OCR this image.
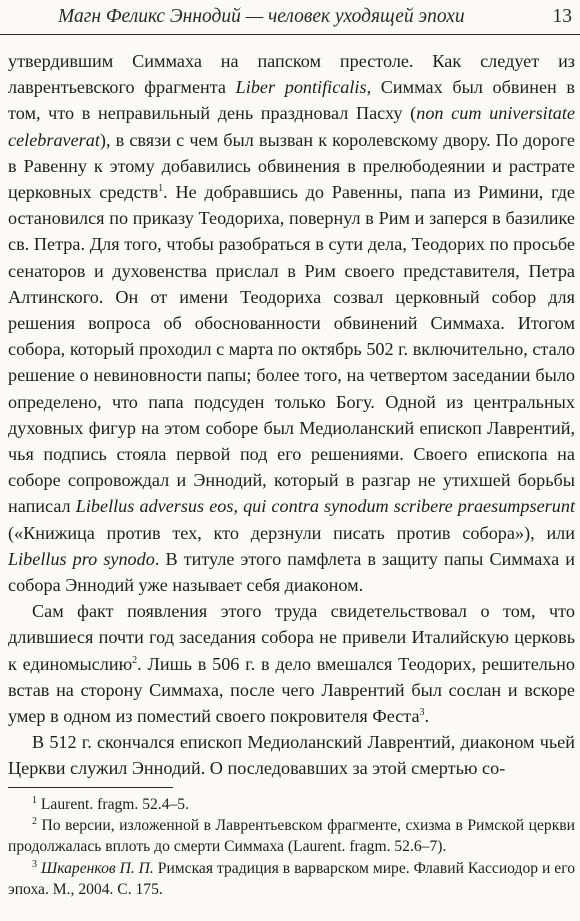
Магн Феликс Эннодий — человек уходящей эпохи	13

утвердившим Симмаха на папском престоле. Как следует из лаврентьевского фрагмента Liber pontificalis, Симмах был обвинен в том, что в неправильный день праздновал Пасху (non cum universitate celebraverat), в связи с чем был вызван к королевскому двору. По дороге в Равенну к этому добавились обвинения в прелюбодеянии и растрате церковных средств$^1$. Не добравшись до Равенны, папа из Римини, где остановился по приказу Теодориха, повернул в Рим и заперся в базилике св. Петра. Для того, чтобы разобраться в сути дела, Теодорих по просьбе сенаторов и духовенства прислал в Рим своего представителя, Петра Алтинского. Он от имени Теодориха созвал церковный собор для решения вопроса об обоснованности обвинений Симмаха. Итогом собора, который проходил с марта по октябрь 502 г. включительно, стало решение о невиновности папы; более того, на четвертом заседании было определено, что папа подсуден только Богу. Одной из центральных духовных фигур на этом соборе был Медиоланский епископ Лаврентий, чья подпись стояла первой под его решениями. Своего епископа на соборе сопровождал и Эннодий, который в разгар не утихшей борьбы написал Libellus adversus eos, qui contra synodum scribere praesumpserunt («Книжица против тех, кто дерзнули писать против собора»), или Libellus pro synodo. В титуле этого памфлета в защиту папы Симмаха и собора Эннодий уже называет себя диаконом.

Сам факт появления этого труда свидетельствовал о том, что длившиеся почти год заседания собора не привели Италийскую церковь к единомыслию$^2$. Лишь в 506 г. в дело вмешался Теодорих, решительно встав на сторону Симмаха, после чего Лаврентий был сослан и вскоре умер в одном из поместий своего покровителя Феста$^3$.

В 512 г. скончался епископ Медиоланский Лаврентий, диаконом чьей Церкви служил Эннодий. О последовавших за этой смертью со-

$^1$ Laurent. fragm. 52.4–5.

$^2$ По версии, изложенной в Лаврентьевском фрагменте, схизма в Римской церкви продолжалась вплоть до смерти Симмаха (Laurent. fragm. 52.6–7).

$^3$ Шкаренков П. П. Римская традиция в варварском мире. Флавий Кассиодор и его эпоха. М., 2004. С. 175.
